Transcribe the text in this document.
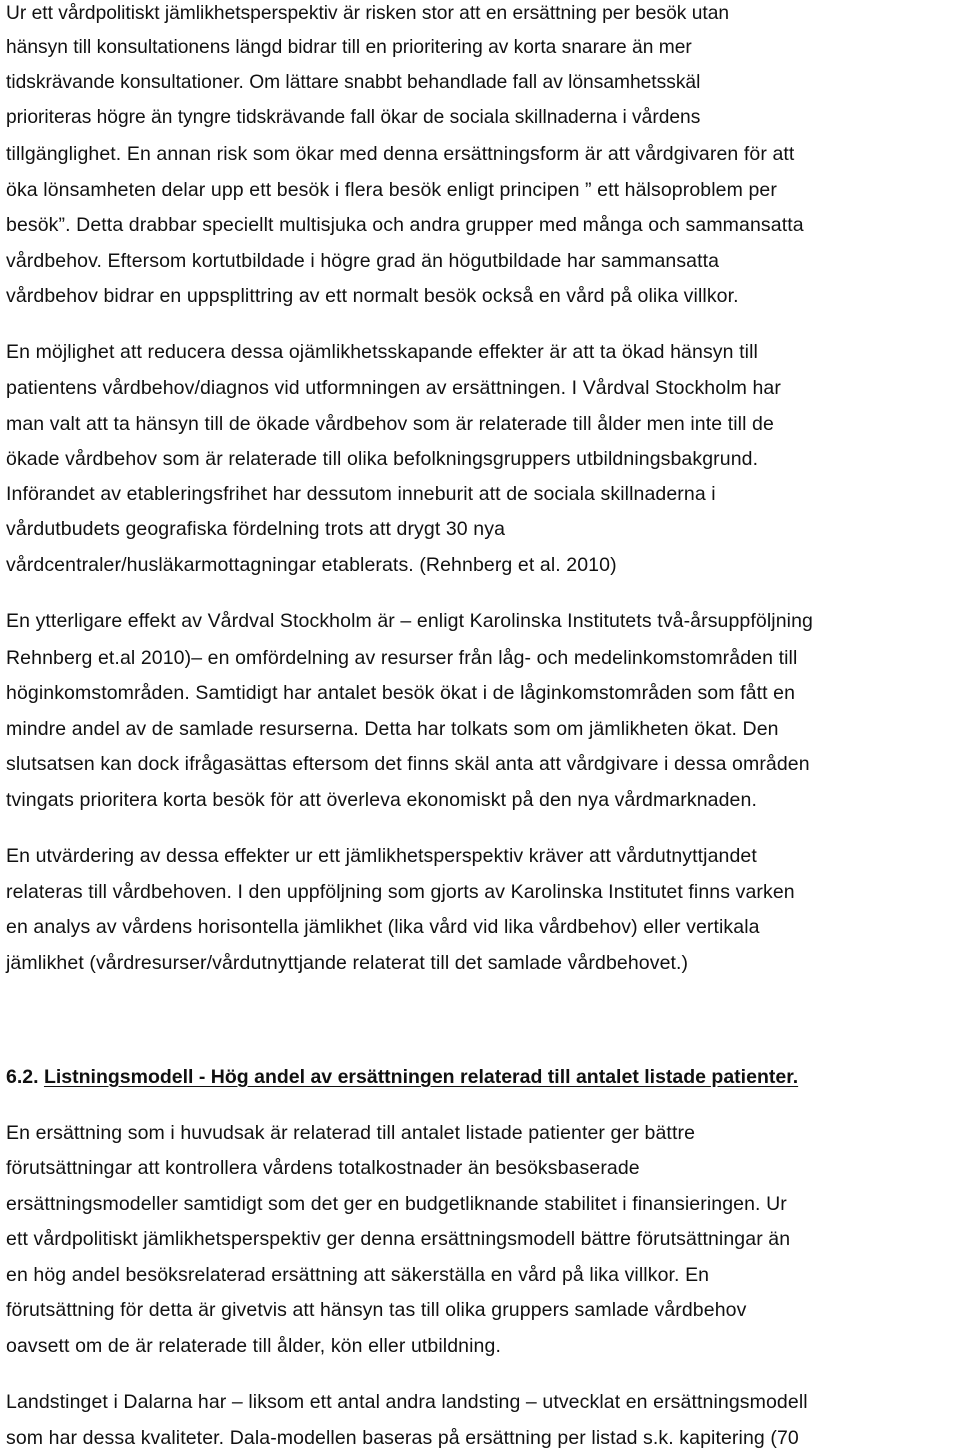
Ur ett vårdpolitiskt jämlikhetsperspektiv är risken stor att en ersättning per besök utan
hänsyn till konsultationens längd bidrar till en prioritering av korta snarare än mer
tidskrävande konsultationer. Om lättare snabbt behandlade fall av lönsamhetsskäl
prioriteras högre än tyngre tidskrävande fall ökar de sociala skillnaderna i vårdens
tillgänglighet. En annan risk som ökar med denna ersättningsform är att vårdgivaren för att
öka lönsamheten delar upp ett besök i flera besök enligt principen ” ett hälsoproblem per
besök”. Detta drabbar speciellt multisjuka och andra grupper med många och sammansatta
vårdbehov. Eftersom kortutbildade i högre grad än högutbildade har sammansatta
vårdbehov bidrar en uppsplittring av ett normalt besök också en vård på olika villkor.
En möjlighet att reducera dessa ojämlikhetsskapande effekter är att ta ökad hänsyn till
patientens vårdbehov/diagnos vid utformningen av ersättningen. I Vårdval Stockholm har
man valt att ta hänsyn till de ökade vårdbehov som är relaterade till ålder men inte till de
ökade vårdbehov som är relaterade till olika befolkningsgruppers utbildningsbakgrund.
Införandet av etableringsfrihet har dessutom inneburit att de sociala skillnaderna i
vårdutbudets geografiska fördelning trots att drygt 30 nya
vårdcentraler/husläkarmottagningar etablerats. (Rehnberg et al. 2010)
En ytterligare effekt av Vårdval Stockholm är – enligt Karolinska Institutets två-årsuppföljning
Rehnberg et.al 2010)– en omfördelning av resurser från låg- och medelinkomstområden till
höginkomstområden. Samtidigt har antalet besök ökat i de låginkomstområden som fått en
mindre andel av de samlade resurserna. Detta har tolkats som om jämlikheten ökat. Den
slutsatsen kan dock ifrågasättas eftersom det finns skäl anta att vårdgivare i dessa områden
tvingats prioritera korta besök för att överleva ekonomiskt på den nya vårdmarknaden.
En utvärdering av dessa effekter ur ett jämlikhetsperspektiv kräver att vårdutnyttjandet
relateras till vårdbehoven. I den uppföljning som gjorts av Karolinska Institutet finns varken
en analys av vårdens horisontella jämlikhet (lika vård vid lika vårdbehov) eller vertikala
jämlikhet (vårdresurser/vårdutnyttjande relaterat till det samlade vårdbehovet.)
6.2. Listningsmodell - Hög andel av ersättningen relaterad till antalet listade patienter.
En ersättning som i huvudsak är relaterad till antalet listade patienter ger bättre
förutsättningar att kontrollera vårdens totalkostnader än besöksbaserade
ersättningsmodeller samtidigt som det ger en budgetliknande stabilitet i finansieringen. Ur
ett vårdpolitiskt jämlikhetsperspektiv ger denna ersättningsmodell bättre förutsättningar än
en hög andel besöksrelaterad ersättning att säkerställa en vård på lika villkor. En
förutsättning för detta är givetvis att hänsyn tas till olika gruppers samlade vårdbehov
oavsett om de är relaterade till ålder, kön eller utbildning.
Landstinget i Dalarna har – liksom ett antal andra landsting – utvecklat en ersättningsmodell
som har dessa kvaliteter. Dala-modellen baseras på ersättning per listad s.k. kapitering (70
